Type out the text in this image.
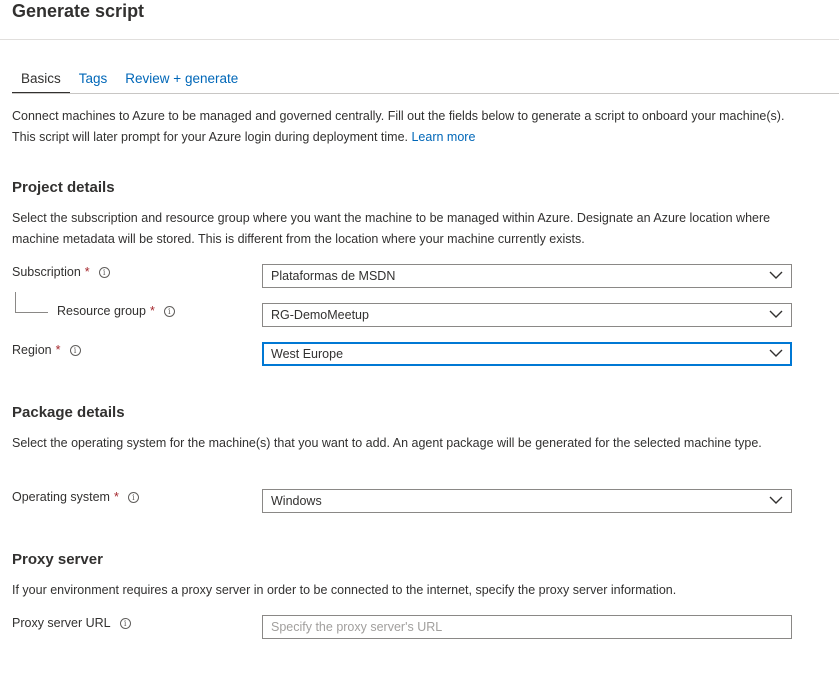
Generate script
Basics	Tags	Review + generate
Connect machines to Azure to be managed and governed centrally. Fill out the fields below to generate a script to onboard your machine(s). This script will later prompt for your Azure login during deployment time. Learn more
Project details
Select the subscription and resource group where you want the machine to be managed within Azure. Designate an Azure location where machine metadata will be stored. This is different from the location where your machine currently exists.
Subscription *	i	Plataformas de MSDN
Resource group *	i	RG-DemoMeetup
Region *	i	West Europe
Package details
Select the operating system for the machine(s) that you want to add. An agent package will be generated for the selected machine type.
Operating system *	i	Windows
Proxy server
If your environment requires a proxy server in order to be connected to the internet, specify the proxy server information.
Proxy server URL	i
Specify the proxy server's URL
